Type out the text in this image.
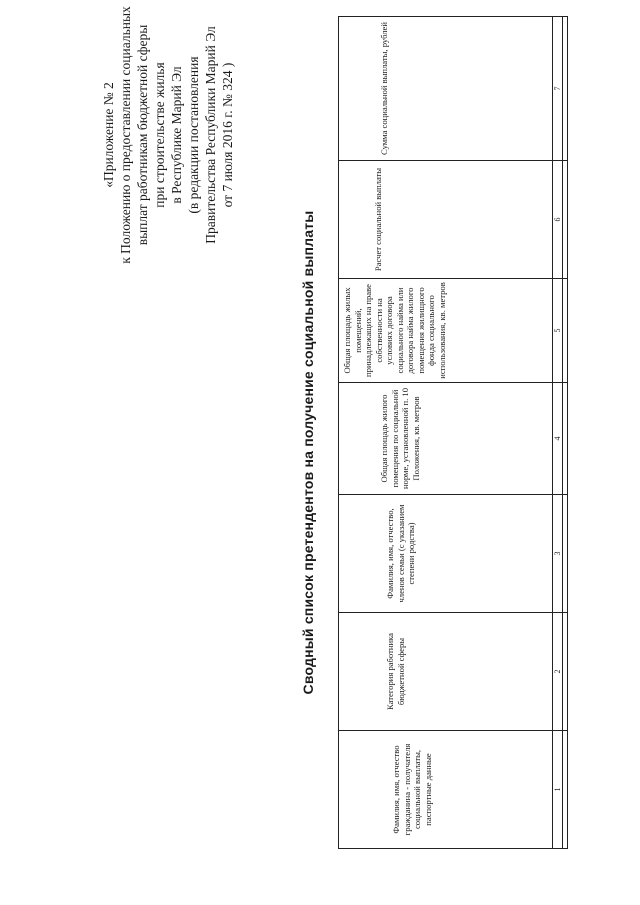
«Приложение № 2 к Положению о предоставлении социальных выплат работникам бюджетной сферы при строительстве жилья в Республике Марий Эл (в редакции постановления Правительства Республики Марий Эл от 7 июля 2016 г. № 324 )
Сводный список претендентов на получение социальной выплаты
Фамилия, имя, отчество гражданина - получателя социальной выплаты, паспортные данные	Категория работника бюджетной сферы	Фамилия, имя, отчество, членов семьи (с указанием степени родства)	Общая площадь жилого помещения по социальной норме, установленной п. 10 Положения, кв. метров	Общая площадь жилых помещений, принадлежащих на праве собственности на условиях договора социального найма или договора найма жилого помещения жилищного фонда социального использования, кв. метров	Расчет социальной выплаты	Сумма социальной выплаты, рублей
1	2	3	4	5	6	7
